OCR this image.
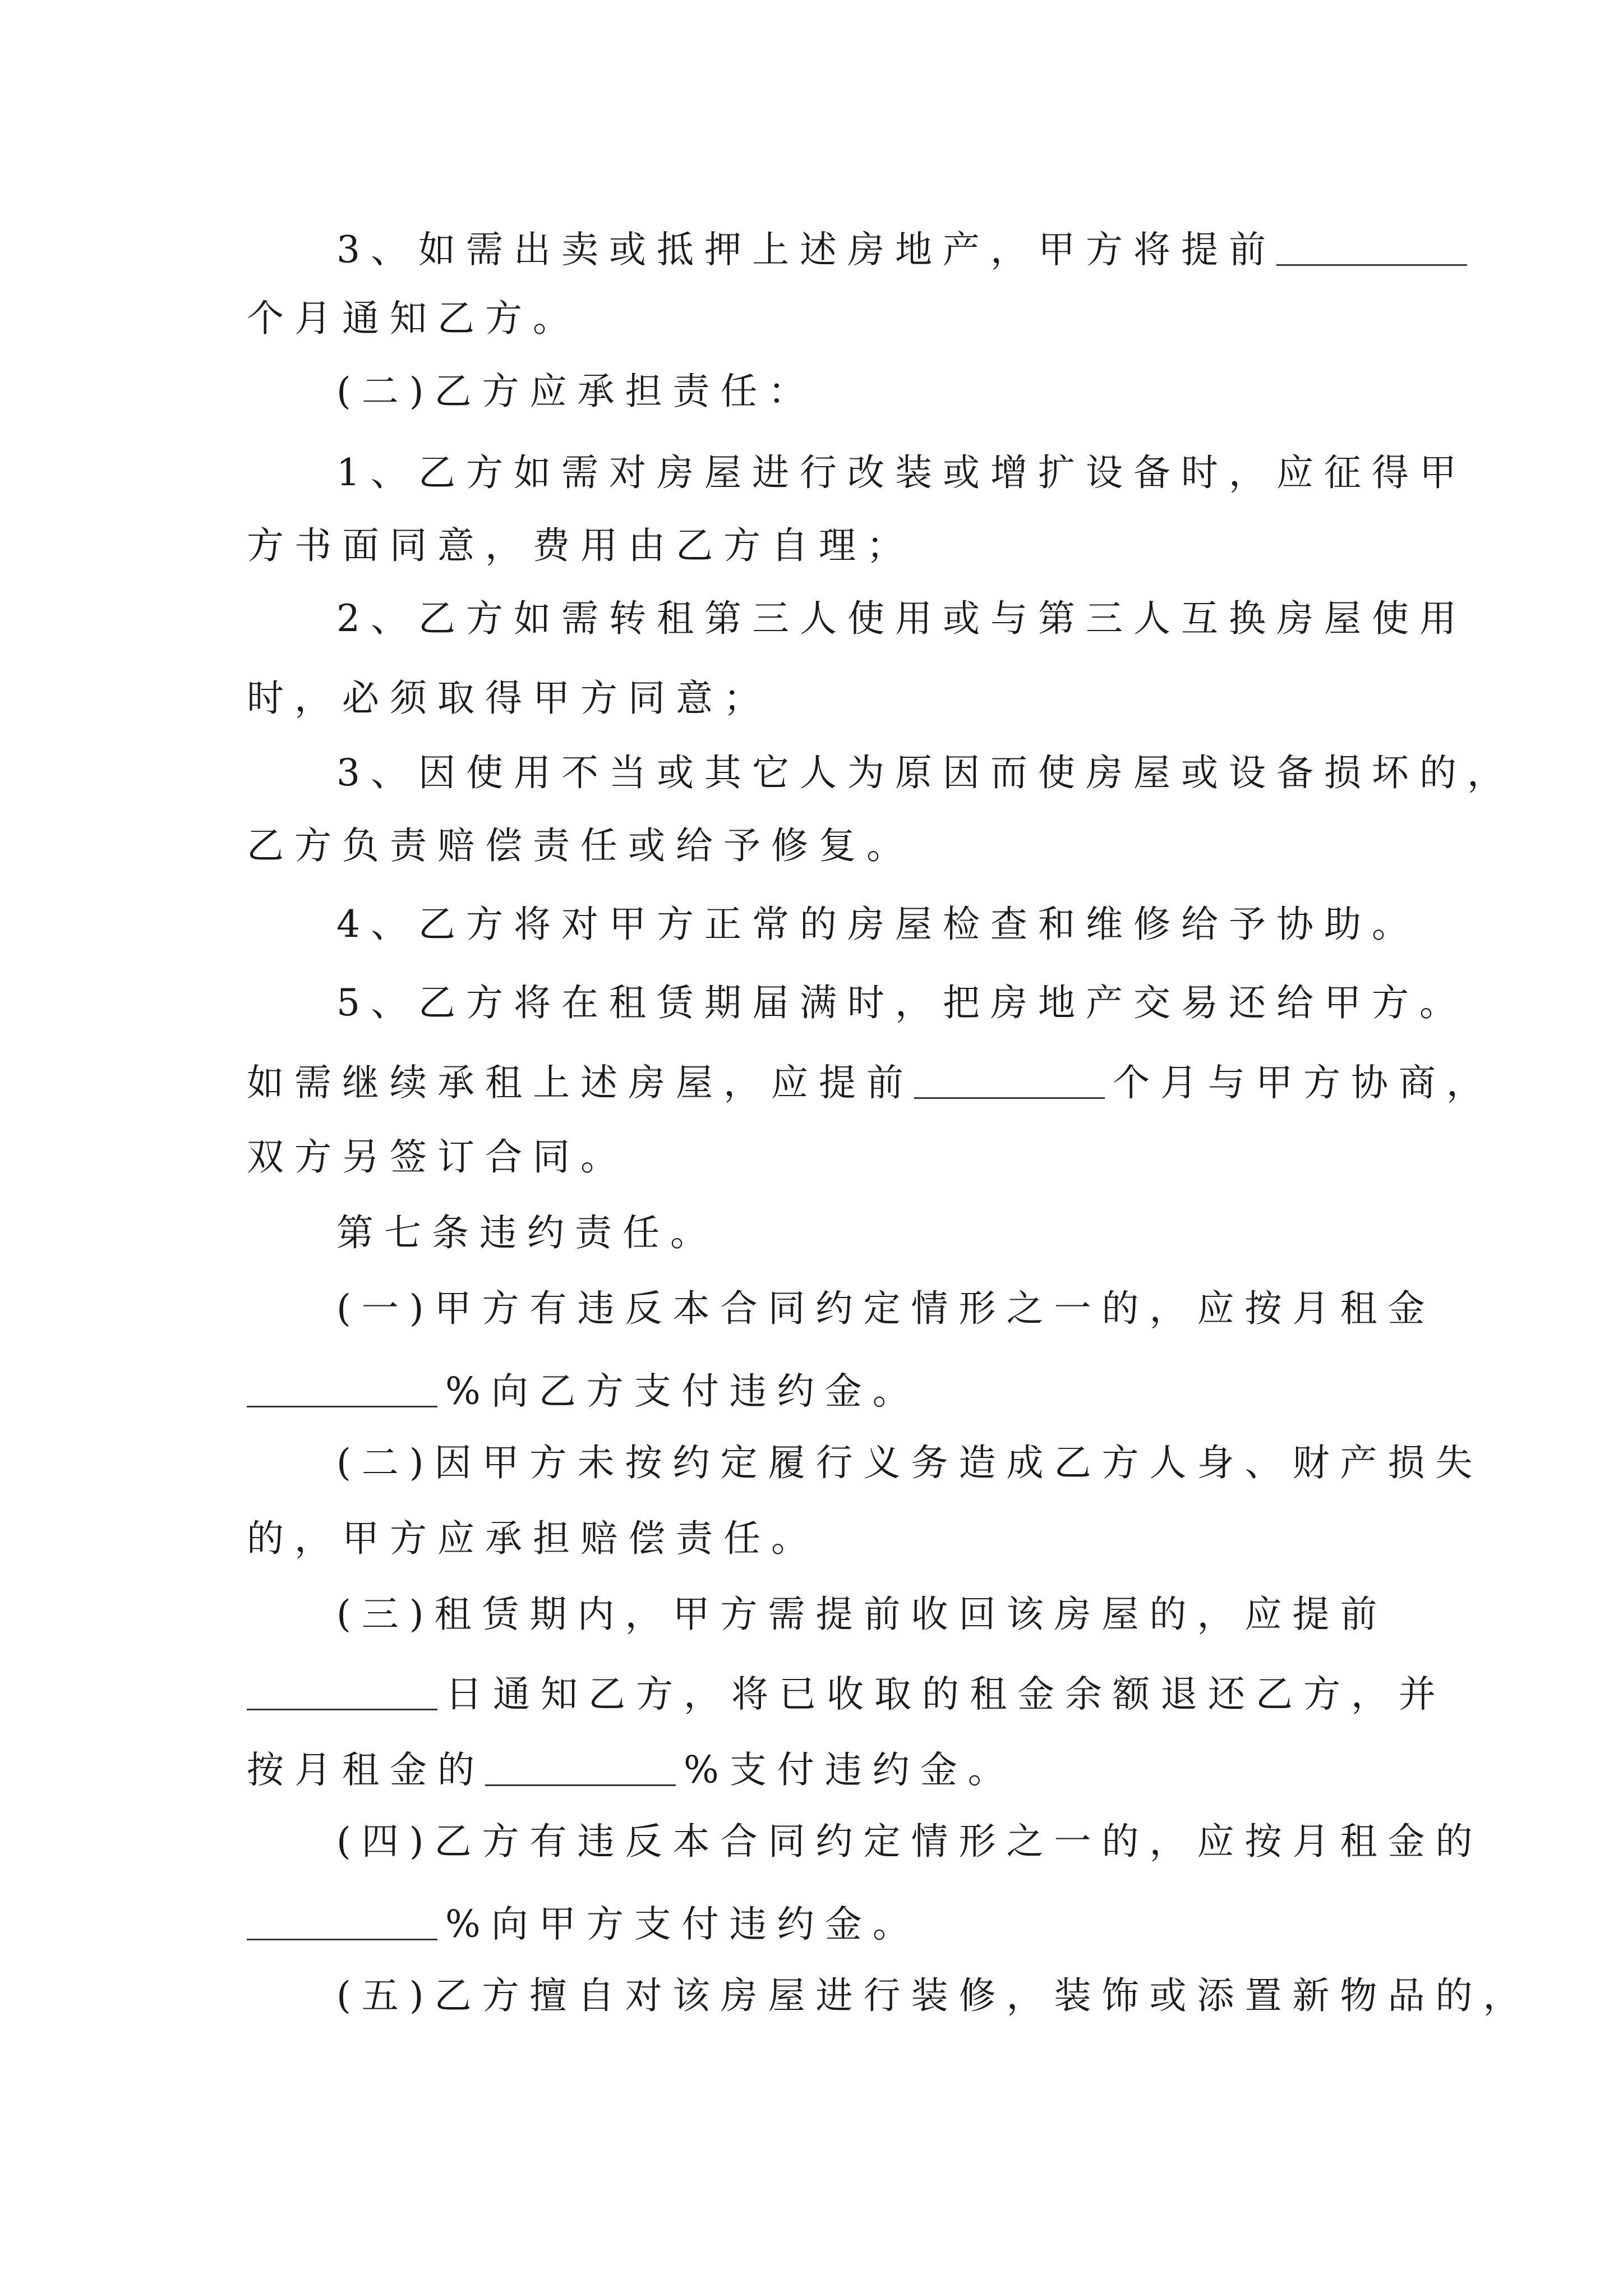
3、如需出卖或抵押上述房地产，甲方将提前
个月通知乙方。
(二)乙方应承担责任：
1、乙方如需对房屋进行改装或增扩设备时，应征得甲
方书面同意，费用由乙方自理；
2、乙方如需转租第三人使用或与第三人互换房屋使用
时，必须取得甲方同意；
3、因使用不当或其它人为原因而使房屋或设备损坏的，
乙方负责赔偿责任或给予修复。
4、乙方将对甲方正常的房屋检查和维修给予协助。
5、乙方将在租赁期届满时，把房地产交易还给甲方。
如需继续承租上述房屋，应提前	个月与甲方协商，
双方另签订合同。
第七条违约责任。
(一)甲方有违反本合同约定情形之一的，应按月租金
%向乙方支付违约金。
(二)因甲方未按约定履行义务造成乙方人身、财产损失
的，甲方应承担赔偿责任。
(三)租赁期内，甲方需提前收回该房屋的，应提前
日通知乙方，将已收取的租金余额退还乙方，并
按月租金的	%支付违约金。
(四)乙方有违反本合同约定情形之一的，应按月租金的
%向甲方支付违约金。
(五)乙方擅自对该房屋进行装修，装饰或添置新物品的，
